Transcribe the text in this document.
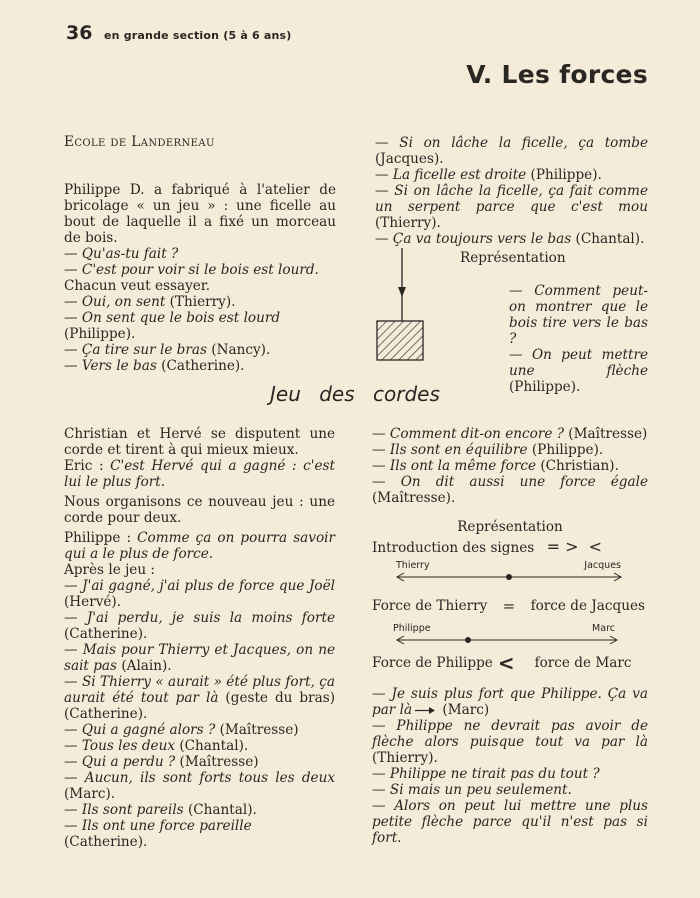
36 en grande section (5 à 6 ans)
V. Les forces

Ecole de Landerneau

Philippe D. a fabriqué à l'atelier de bricolage « un jeu » : une ficelle au bout de laquelle il a fixé un morceau de bois.

— Qu'as-tu fait ?

— C'est pour voir si le bois est lourd.

Chacun veut essayer.

— Oui, on sent (Thierry).

— On sent que le bois est lourd (Philippe).

— Ça tire sur le bras (Nancy).

— Vers le bas (Catherine).

— Si on lâche la ficelle, ça tombe (Jacques).

— La ficelle est droite (Philippe).

— Si on lâche la ficelle, ça fait comme un serpent parce que c'est mou (Thierry).

— Ça va toujours vers le bas (Chantal).

Représentation

— Comment peut-on montrer que le bois tire vers le bas ?

— On peut mettre une flèche (Philippe).

Jeu des cordes

Christian et Hervé se disputent une corde et tirent à qui mieux mieux.

Eric : C'est Hervé qui a gagné : c'est lui le plus fort.

Nous organisons ce nouveau jeu : une corde pour deux.

Philippe : Comme ça on pourra savoir qui a le plus de force.

Après le jeu :

— J'ai gagné, j'ai plus de force que Joël (Hervé).

— J'ai perdu, je suis la moins forte (Catherine).

— Mais pour Thierry et Jacques, on ne sait pas (Alain).

— Si Thierry « aurait » été plus fort, ça aurait été tout par là (geste du bras) (Catherine).

— Qui a gagné alors ? (Maîtresse)

— Tous les deux (Chantal).

— Qui a perdu ? (Maîtresse)

— Aucun, ils sont forts tous les deux (Marc).

— Ils sont pareils (Chantal).

— Ils ont une force pareille (Catherine).

— Comment dit-on encore ? (Maîtresse)

— Ils sont en équilibre (Philippe).

— Ils ont la même force (Christian).

— On dit aussi une force égale (Maîtresse).

Représentation

Introduction des signes = >  <

Thierry	Jacques
Force de Thierry = force de Jacques
Philippe	Marc
Force de Philippe < force de Marc

— Je suis plus fort que Philippe. Ça va par là (Marc)

— Philippe ne devrait pas avoir de flèche alors puisque tout va par là (Thierry).

— Philippe ne tirait pas du tout ?

— Si mais un peu seulement.

— Alors on peut lui mettre une plus petite flèche parce qu'il n'est pas si fort.
